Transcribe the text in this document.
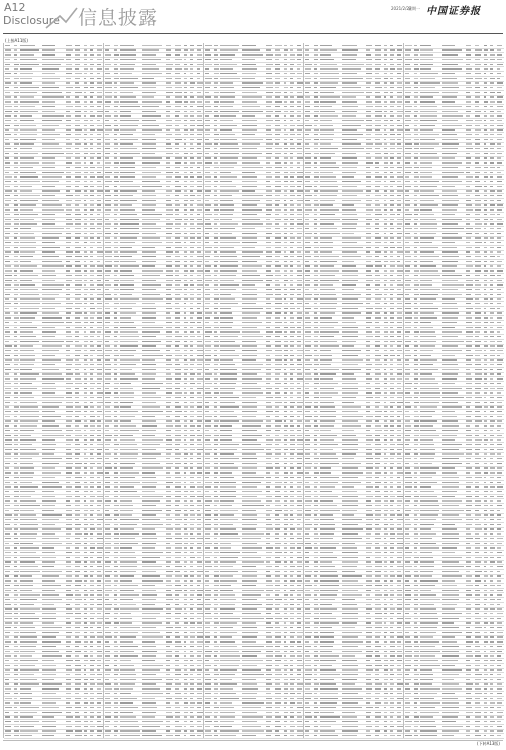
A12
Disclosure 信息披露	2021/2/22
星期一 中国证券报
(上接A11版)
(下转A13版)
